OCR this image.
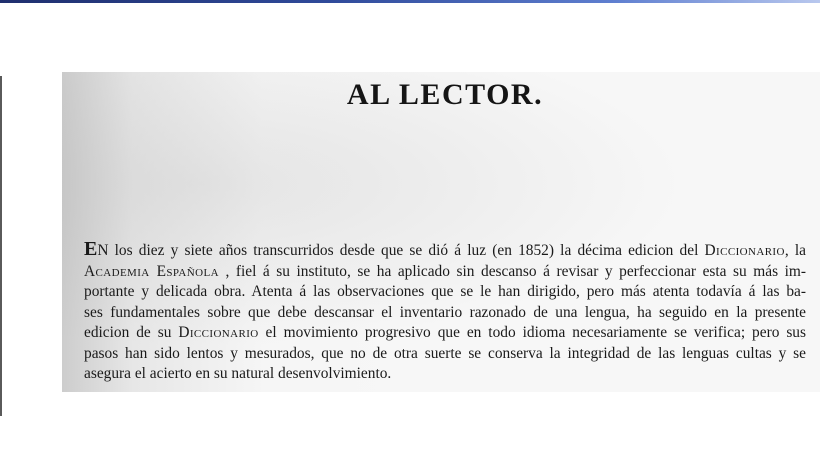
AL LECTOR.
EN los diez y siete años transcurridos desde que se dió á luz (en 1852) la décima edicion del Diccionario, la
Academia Española , fiel á su instituto, se ha aplicado sin descanso á revisar y perfeccionar esta su más im-
portante y delicada obra. Atenta á las observaciones que se le han dirigido, pero más atenta todavía á las ba-
ses fundamentales sobre que debe descansar el inventario razonado de una lengua, ha seguido en la presente
edicion de su Diccionario el movimiento progresivo que en todo idioma necesariamente se verifica; pero sus
pasos han sido lentos y mesurados, que no de otra suerte se conserva la integridad de las lenguas cultas y se
asegura el acierto en su natural desenvolvimiento.
